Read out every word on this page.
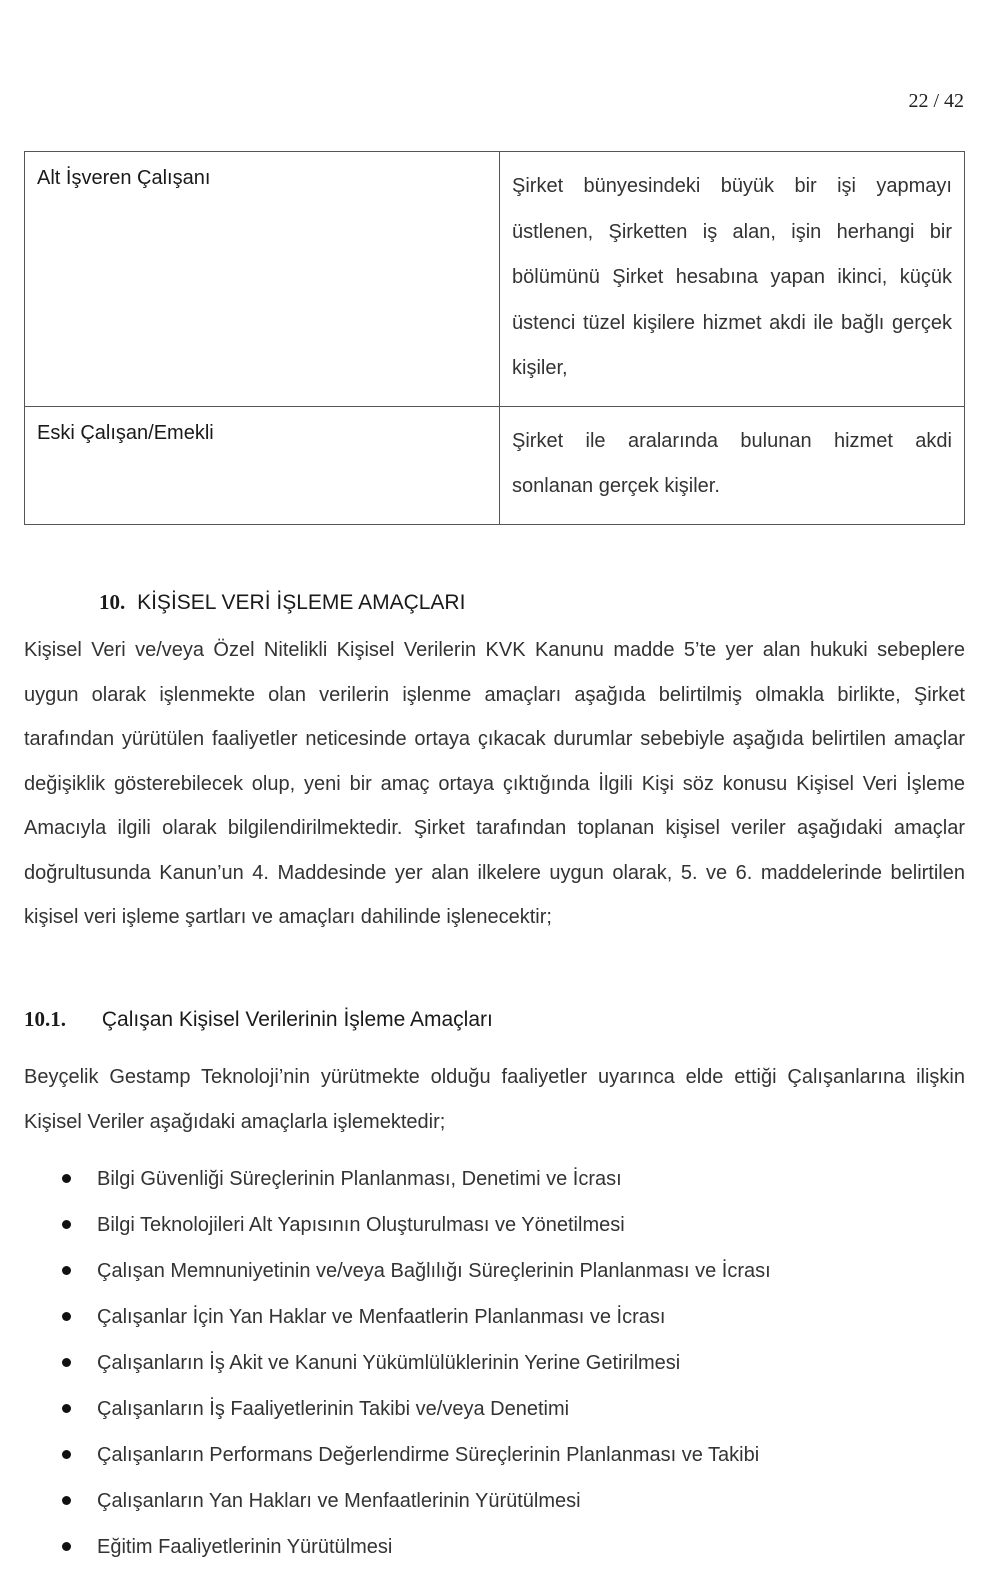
22 / 42
Alt İşveren Çalışanı	Şirket bünyesindeki büyük bir işi yapmayı üstlenen, Şirketten iş alan, işin herhangi bir bölümünü Şirket hesabına yapan ikinci, küçük üstenci tüzel kişilere hizmet akdi ile bağlı gerçek kişiler,
Eski Çalışan/Emekli	Şirket ile aralarında bulunan hizmet akdi sonlanan gerçek kişiler.
10. KİŞİSEL VERİ İŞLEME AMAÇLARI

Kişisel Veri ve/veya Özel Nitelikli Kişisel Verilerin KVK Kanunu madde 5’te yer alan hukuki sebeplere uygun olarak işlenmekte olan verilerin işlenme amaçları aşağıda belirtilmiş olmakla birlikte, Şirket tarafından yürütülen faaliyetler neticesinde ortaya çıkacak durumlar sebebiyle aşağıda belirtilen amaçlar değişiklik gösterebilecek olup, yeni bir amaç ortaya çıktığında İlgili Kişi söz konusu Kişisel Veri İşleme Amacıyla ilgili olarak bilgilendirilmektedir. Şirket tarafından toplanan kişisel veriler aşağıdaki amaçlar doğrultusunda Kanun’un 4. Maddesinde yer alan ilkelere uygun olarak, 5. ve 6. maddelerinde belirtilen kişisel veri işleme şartları ve amaçları dahilinde işlenecektir;

10.1. Çalışan Kişisel Verilerinin İşleme Amaçları

Beyçelik Gestamp Teknoloji’nin yürütmekte olduğu faaliyetler uyarınca elde ettiği Çalışanlarına ilişkin Kişisel Veriler aşağıdaki amaçlarla işlemektedir;

Bilgi Güvenliği Süreçlerinin Planlanması, Denetimi ve İcrası
Bilgi Teknolojileri Alt Yapısının Oluşturulması ve Yönetilmesi
Çalışan Memnuniyetinin ve/veya Bağlılığı Süreçlerinin Planlanması ve İcrası
Çalışanlar İçin Yan Haklar ve Menfaatlerin Planlanması ve İcrası
Çalışanların İş Akit ve Kanuni Yükümlülüklerinin Yerine Getirilmesi
Çalışanların İş Faaliyetlerinin Takibi ve/veya Denetimi
Çalışanların Performans Değerlendirme Süreçlerinin Planlanması ve Takibi
Çalışanların Yan Hakları ve Menfaatlerinin Yürütülmesi
Eğitim Faaliyetlerinin Yürütülmesi
